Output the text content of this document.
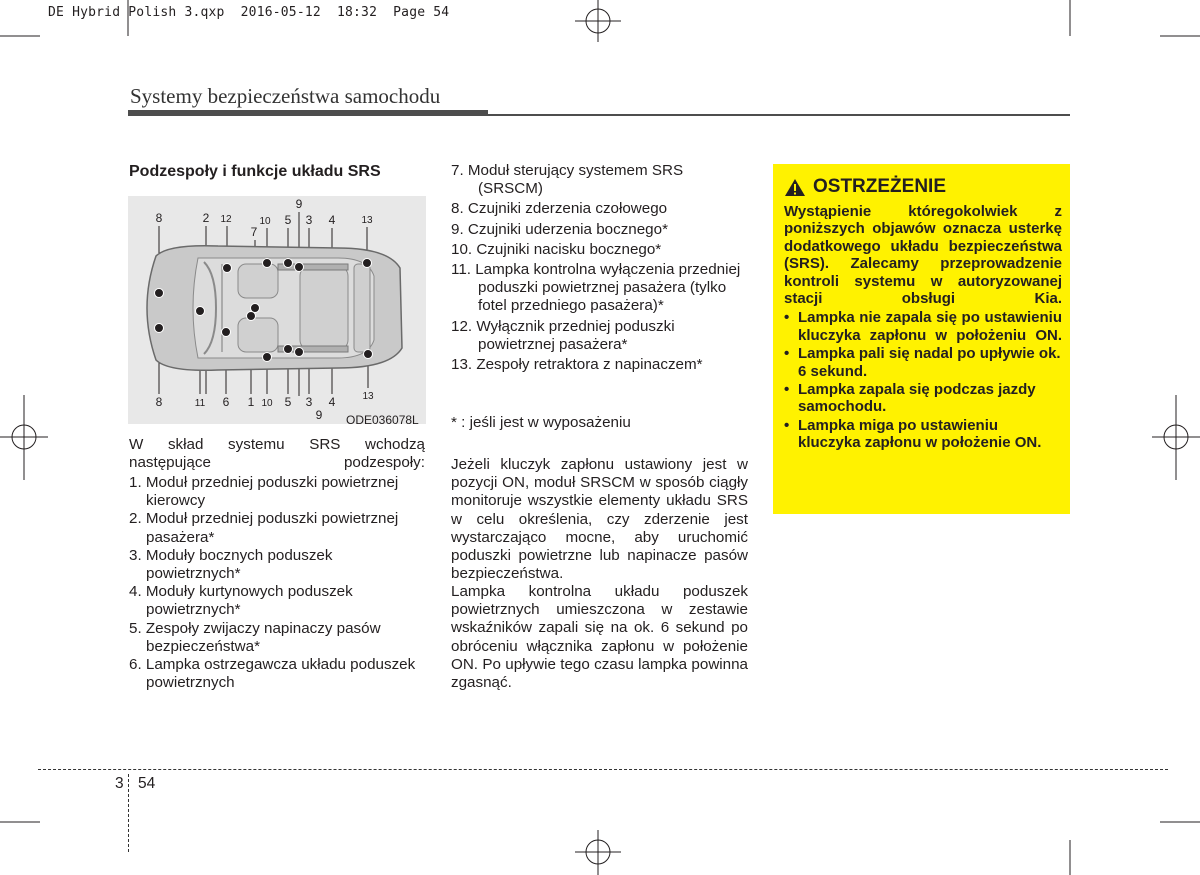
DE Hybrid Polish 3.qxp  2016-05-12  18:32  Page 54
Systemy bezpieczeństwa samochodu
Podzespoły i funkcje układu SRS
8	2 12	10 5 3 4	13
9
7
8	11 6 1 10 5 3 4	13
9 ODE036078L
W skład systemu SRS wchodzą następujące podzespoły:
1. Moduł przedniej poduszki powietrznej kierowcy
2. Moduł przedniej poduszki powietrznej pasażera*
3. Moduły bocznych poduszek powietrznych*
4. Moduły kurtynowych poduszek powietrznych*
5. Zespoły zwijaczy napinaczy pasów bezpieczeństwa*
6. Lampka ostrzegawcza układu poduszek powietrznych
7. Moduł sterujący systemem SRS (SRSCM)
8. Czujniki zderzenia czołowego
9. Czujniki uderzenia bocznego*
10. Czujniki nacisku bocznego*
11. Lampka kontrolna wyłączenia przedniej poduszki powietrznej pasażera (tylko fotel przedniego pasażera)*
12. Wyłącznik przedniej poduszki powietrznej pasażera*
13. Zespoły retraktora z napinaczem*
* : jeśli jest w wyposażeniu
Jeżeli kluczyk zapłonu ustawiony jest w pozycji ON, moduł SRSCM w sposób ciągły monitoruje wszystkie elementy układu SRS w celu określenia, czy zderzenie jest wystarczająco mocne, aby uruchomić poduszki powietrzne lub napinacze pasów bezpieczeństwa.
Lampka kontrolna układu poduszek powietrznych umieszczona w zestawie wskaźników zapali się na ok. 6 sekund po obróceniu włącznika zapłonu w położenie ON. Po upływie tego czasu lampka powinna zgasnąć.
OSTRZEŻENIE
Wystąpienie któregokolwiek z poniższych objawów oznacza usterkę dodatkowego układu bezpieczeństwa (SRS). Zalecamy przeprowadzenie kontroli systemu w autoryzowanej stacji obsługi Kia.
• Lampka nie zapala się po ustawieniu kluczyka zapłonu w położeniu ON.
• Lampka pali się nadal po upływie ok. 6 sekund.
• Lampka zapala się podczas jazdy samochodu.
• Lampka miga po ustawieniu kluczyka zapłonu w położenie ON.
3 54
